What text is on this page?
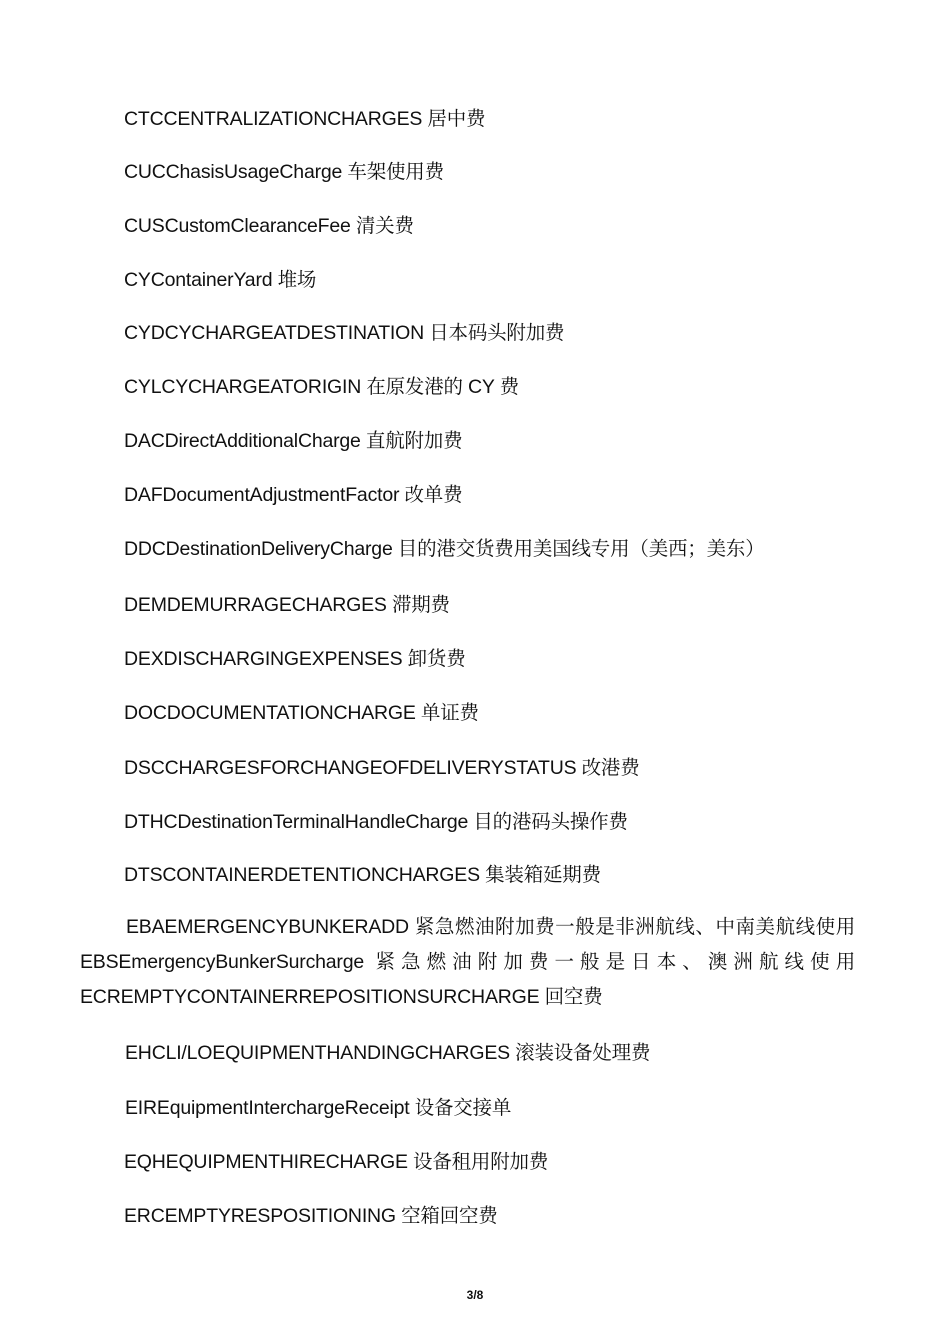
CTCCENTRALIZATIONCHARGES 居中费
CUCChasisUsageCharge 车架使用费
CUSCustomClearanceFee 清关费
CYContainerYard 堆场
CYDCYCHARGEATDESTINATION 日本码头附加费
CYLCYCHARGEATORIGIN 在原发港的 CY 费
DACDirectAdditionalCharge 直航附加费
DAFDocumentAdjustmentFactor 改单费
DDCDestinationDeliveryCharge 目的港交货费用美国线专用（美西；美东）
DEMDEMURRAGECHARGES 滞期费
DEXDISCHARGINGEXPENSES 卸货费
DOCDOCUMENTATIONCHARGE 单证费
DSCCHARGESFORCHANGEOFDELIVERYSTATUS 改港费
DTHCDestinationTerminalHandleCharge 目的港码头操作费
DTSCONTAINERDETENTIONCHARGES 集装箱延期费
EBAEMERGENCYBUNKERADD 紧急燃油附加费一般是非洲航线、中南美航线使用 EBSEmergencyBunkerSurcharge 紧急燃油附加费一般是日本、澳洲航线使用 ECREMPTYCONTAINERREPOSITIONSURCHARGE 回空费
EHCLI/LOEQUIPMENTHANDINGCHARGES 滚装设备处理费
EIREquipmentInterchargeReceipt 设备交接单
EQHEQUIPMENTHIRECHARGE 设备租用附加费
ERCEMPTYRESPOSITIONING 空箱回空费
3/8
